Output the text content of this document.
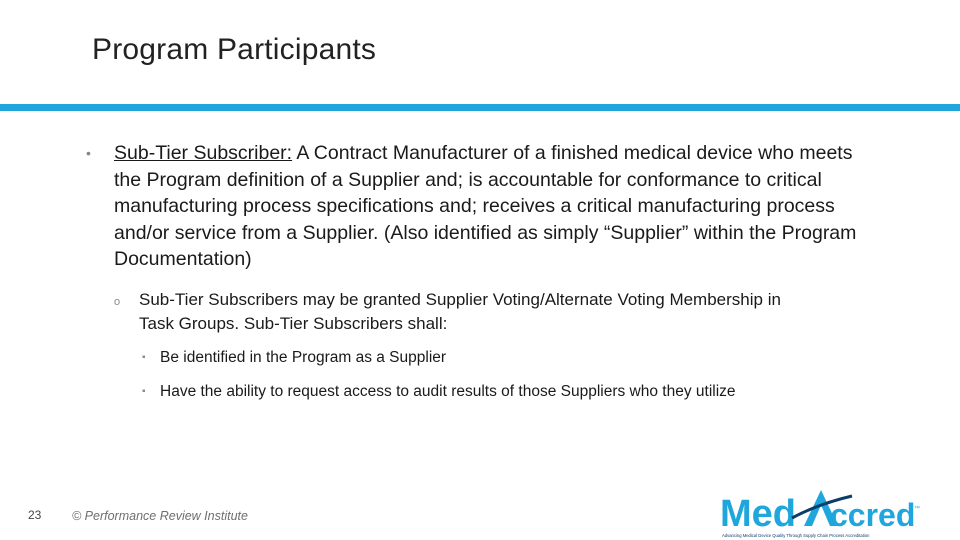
Program Participants
•	Sub-Tier Subscriber: A Contract Manufacturer of a finished medical device who meets the Program definition of a Supplier and; is accountable for conformance to critical manufacturing process specifications and; receives a critical manufacturing process and/or service from a Supplier. (Also identified as simply “Supplier” within the Program Documentation)
o Sub-Tier Subscribers may be granted Supplier Voting/Alternate Voting Membership in Task Groups. Sub-Tier Subscribers shall:
▪ Be identified in the Program as a Supplier
▪ Have the ability to request access to audit results of those Suppliers who they utilize
23 © Performance Review Institute	Med ccred
™
Advancing Medical Device Quality Through Supply Chain Process Accreditation
